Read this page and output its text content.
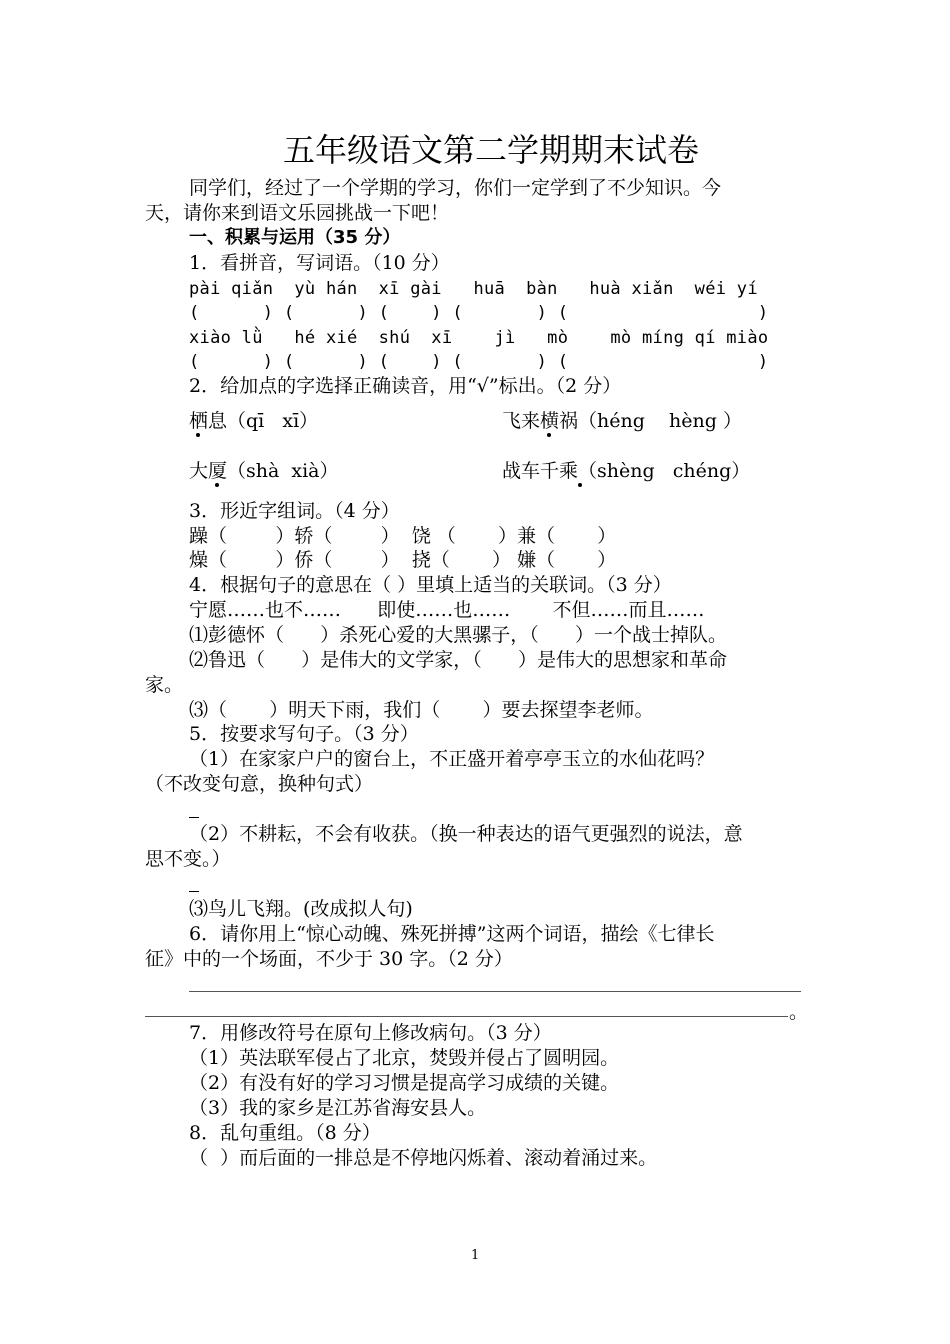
五年级语文第二学期期末试卷
同学们，经过了一个学期的学习，你们一定学到了不少知识。今
天，请你来到语文乐园挑战一下吧！
一、积累与运用（35 分）
1．看拼音，写词语。（10 分）
pài qiǎn  yù hán  xī gài   huā  bàn   huà xiǎn  wéi yí
(      ) (      ) (    ) (       ) (                  )
xiào lǜ   hé xié  shú  xī    jì   mò    mò míng qí miào
(      ) (      ) (    ) (       ) (                  )
2．给加点的字选择正确读音，用“√”标出。（2 分）
栖息（qī   xī）	飞来横祸（héng    hèng ）
大厦（shà  xià）	战车千乘（shèng   chéng）
3．形近字组词。（4 分）
躁（        ）轿（        ）  饶 （       ）兼（       ）
燥（        ）侨（        ）  挠（       ） 嫌（       ）
4．根据句子的意思在（ ）里填上适当的关联词。（3 分）
宁愿……也不……      即使……也……       不但……而且……
⑴彭德怀（      ）杀死心爱的大黑骡子，（      ）一个战士掉队。
⑵鲁迅（      ）是伟大的文学家，（      ）是伟大的思想家和革命
家。
⑶（       ）明天下雨，我们（       ）要去探望李老师。
5．按要求写句子。（3 分）
（1）在家家户户的窗台上，不正盛开着亭亭玉立的水仙花吗？
（不改变句意，换种句式）
（2）不耕耘，不会有收获。（换一种表达的语气更强烈的说法，意
思不变。）
⑶鸟儿飞翔。(改成拟人句)
6．请你用上“惊心动魄、殊死拼搏”这两个词语，描绘《七律长
征》中的一个场面，不少于 30 字。（2 分）
。
7．用修改符号在原句上修改病句。（3 分）
（1）英法联军侵占了北京，焚毁并侵占了圆明园。
（2）有没有好的学习习惯是提高学习成绩的关键。
（3）我的家乡是江苏省海安县人。
8．乱句重组。（8 分）
（  ）而后面的一排总是不停地闪烁着、滚动着涌过来。
1
